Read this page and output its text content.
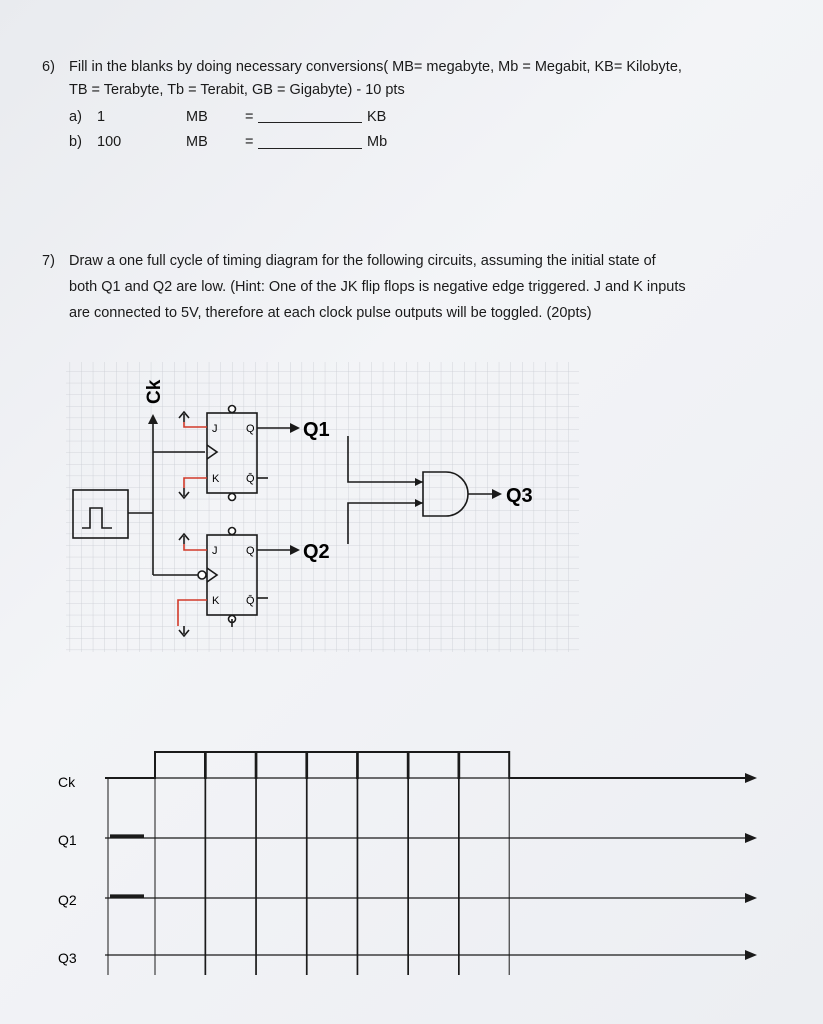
6) Fill in the blanks by doing necessary conversions( MB= megabyte, Mb = Megabit, KB= Kilobyte,
TB = Terabyte, Tb = Terabit, GB = Gigabyte) - 10 pts
a) 1	MB	=	KB
b) 100	MB	=	Mb
7) Draw a one full cycle of timing diagram for the following circuits, assuming the initial state of
both Q1 and Q2 are low. (Hint: One of the JK flip flops is negative edge triggered. J and K inputs
are connected to 5V, therefore at each clock pulse outputs will be toggled. (20pts)
J
K
Q
Q̄
J
K
Q
Q̄
Ck
Q1
Q2
Q3
Ck
Q1
Q2
Q3
